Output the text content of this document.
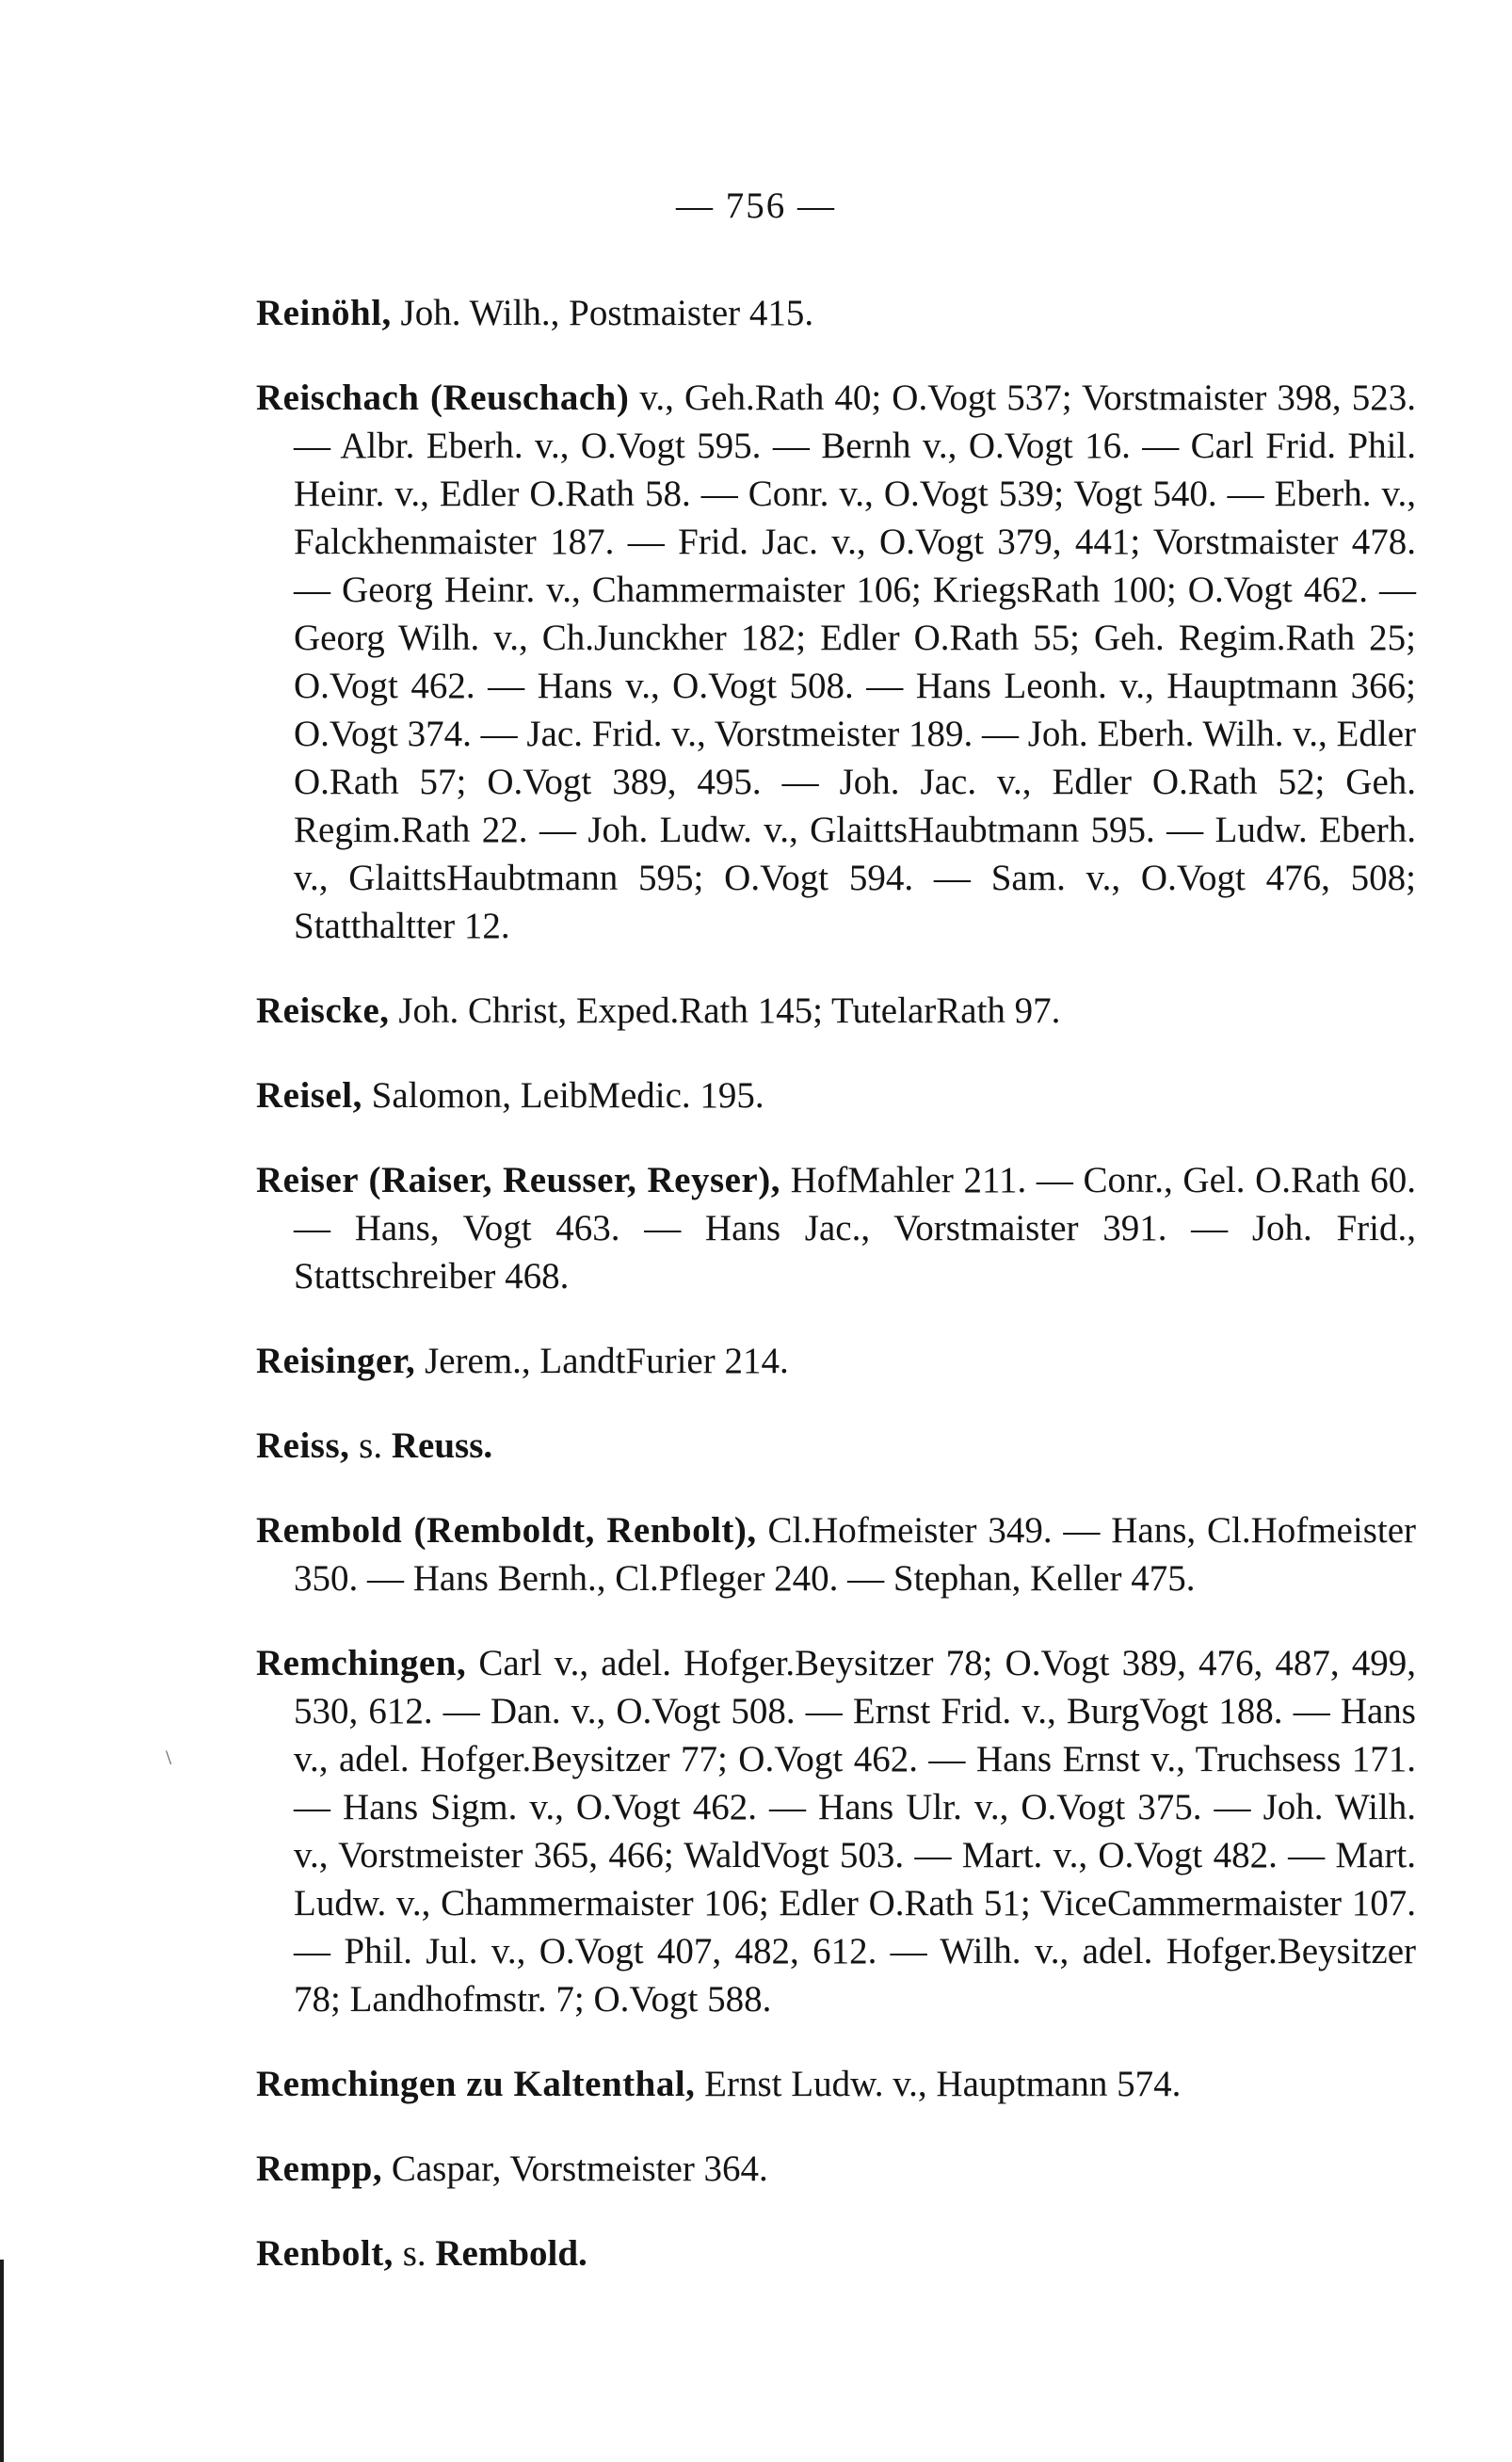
— 756 —

Reinöhl, Joh. Wilh., Postmaister 415.

Reischach (Reuschach) v., Geh.Rath 40; O.Vogt 537; Vorstmaister 398, 523. — Albr. Eberh. v., O.Vogt 595. — Bernh v., O.Vogt 16. — Carl Frid. Phil. Heinr. v., Edler O.Rath 58. — Conr. v., O.Vogt 539; Vogt 540. — Eberh. v., Falckhenmaister 187. — Frid. Jac. v., O.Vogt 379, 441; Vorstmaister 478. — Georg Heinr. v., Chammermaister 106; KriegsRath 100; O.Vogt 462. — Georg Wilh. v., Ch.Junckher 182; Edler O.Rath 55; Geh. Regim.Rath 25; O.Vogt 462. — Hans v., O.Vogt 508. — Hans Leonh. v., Hauptmann 366; O.Vogt 374. — Jac. Frid. v., Vorstmeister 189. — Joh. Eberh. Wilh. v., Edler O.Rath 57; O.Vogt 389, 495. — Joh. Jac. v., Edler O.Rath 52; Geh. Regim.Rath 22. — Joh. Ludw. v., GlaittsHaubtmann 595. — Ludw. Eberh. v., GlaittsHaubtmann 595; O.Vogt 594. — Sam. v., O.Vogt 476, 508; Statthaltter 12.

Reiscke, Joh. Christ, Exped.Rath 145; TutelarRath 97.

Reisel, Salomon, LeibMedic. 195.

Reiser (Raiser, Reusser, Reyser), HofMahler 211. — Conr., Gel. O.Rath 60. — Hans, Vogt 463. — Hans Jac., Vorstmaister 391. — Joh. Frid., Stattschreiber 468.

Reisinger, Jerem., LandtFurier 214.

Reiss, s. Reuss.

Rembold (Remboldt, Renbolt), Cl.Hofmeister 349. — Hans, Cl.Hofmeister 350. — Hans Bernh., Cl.Pfleger 240. — Stephan, Keller 475.

Remchingen, Carl v., adel. Hofger.Beysitzer 78; O.Vogt 389, 476, 487, 499, 530, 612. — Dan. v., O.Vogt 508. — Ernst Frid. v., BurgVogt 188. — Hans v., adel. Hofger.Beysitzer 77; O.Vogt 462. — Hans Ernst v., Truchsess 171. — Hans Sigm. v., O.Vogt 462. — Hans Ulr. v., O.Vogt 375. — Joh. Wilh. v., Vorstmeister 365, 466; WaldVogt 503. — Mart. v., O.Vogt 482. — Mart. Ludw. v., Chammermaister 106; Edler O.Rath 51; ViceCammermaister 107. — Phil. Jul. v., O.Vogt 407, 482, 612. — Wilh. v., adel. Hofger.Beysitzer 78; Landhofmstr. 7; O.Vogt 588.

Remchingen zu Kaltenthal, Ernst Ludw. v., Hauptmann 574.

Rempp, Caspar, Vorstmeister 364.

Renbolt, s. Rembold.

\
